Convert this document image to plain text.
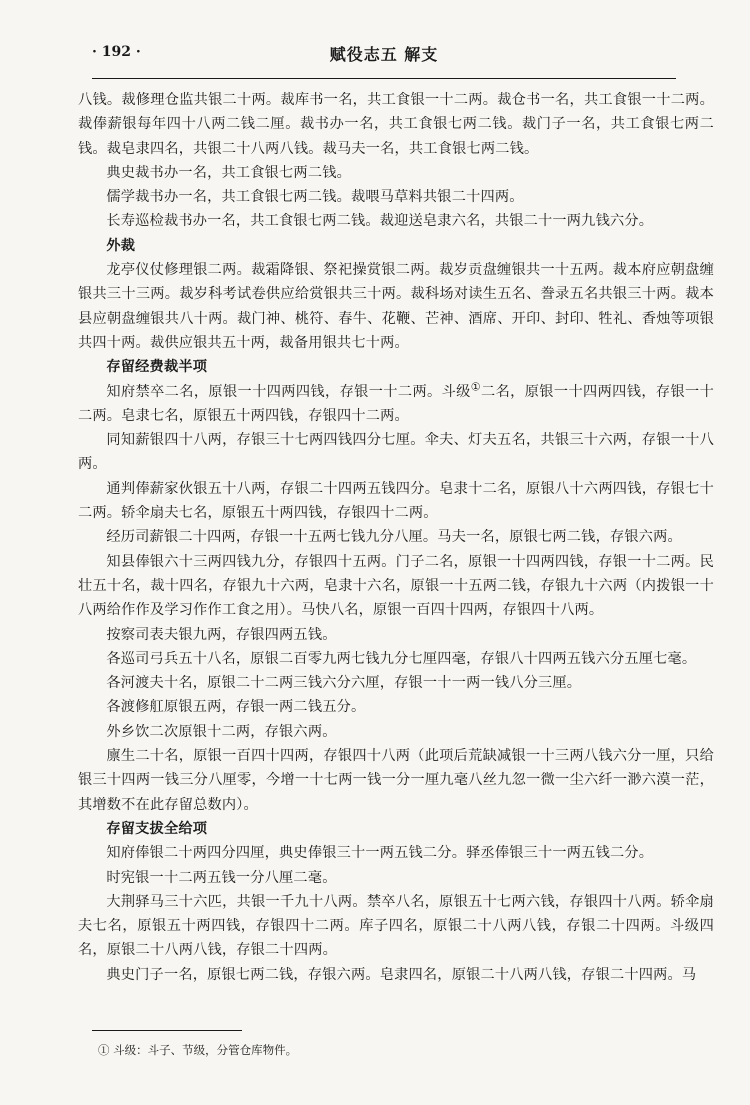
· 192 ·	赋役志五 解支

八钱。裁修理仓监共银二十两。裁库书一名，共工食银一十二两。裁仓书一名，共工食银一十二两。裁俸薪银每年四十八两二钱二厘。裁书办一名，共工食银七两二钱。裁门子一名，共工食银七两二钱。裁皂隶四名，共银二十八两八钱。裁马夫一名，共工食银七两二钱。

典史裁书办一名，共工食银七两二钱。

儒学裁书办一名，共工食银七两二钱。裁喂马草料共银二十四两。

长寿巡检裁书办一名，共工食银七两二钱。裁迎送皂隶六名，共银二十一两九钱六分。

外裁

龙亭仪仗修理银二两。裁霜降银、祭祀操赏银二两。裁岁贡盘缠银共一十五两。裁本府应朝盘缠银共三十三两。裁岁科考试卷供应给赏银共三十两。裁科场对读生五名、誊录五名共银三十两。裁本县应朝盘缠银共八十两。裁门神、桃符、春牛、花鞭、芒神、酒席、开印、封印、牲礼、香烛等项银共四十两。裁供应银共五十两，裁备用银共七十两。

存留经费裁半项

知府禁卒二名，原银一十四两四钱，存银一十二两。斗级①二名，原银一十四两四钱，存银一十二两。皂隶七名，原银五十两四钱，存银四十二两。

同知薪银四十八两，存银三十七两四钱四分七厘。伞夫、灯夫五名，共银三十六两，存银一十八两。

通判俸薪家伙银五十八两，存银二十四两五钱四分。皂隶十二名，原银八十六两四钱，存银七十二两。轿伞扇夫七名，原银五十两四钱，存银四十二两。

经历司薪银二十四两，存银一十五两七钱九分八厘。马夫一名，原银七两二钱，存银六两。

知县俸银六十三两四钱九分，存银四十五两。门子二名，原银一十四两四钱，存银一十二两。民壮五十名，裁十四名，存银九十六两，皂隶十六名，原银一十五两二钱，存银九十六两（内拨银一十八两给作作及学习作作工食之用）。马快八名，原银一百四十四两，存银四十八两。

按察司表夫银九两，存银四两五钱。

各巡司弓兵五十八名，原银二百零九两七钱九分七厘四毫，存银八十四两五钱六分五厘七毫。

各河渡夫十名，原银二十二两三钱六分六厘，存银一十一两一钱八分三厘。

各渡修舡原银五两，存银一两二钱五分。

外乡饮二次原银十二两，存银六两。

廪生二十名，原银一百四十四两，存银四十八两（此项后荒缺减银一十三两八钱六分一厘，只给银三十四两一钱三分八厘零，今增一十七两一钱一分一厘九毫八丝九忽一微一尘六纤一渺六漠一茫，其增数不在此存留总数内）。

存留支拔全给项

知府俸银二十两四分四厘，典史俸银三十一两五钱二分。驿丞俸银三十一两五钱二分。

时宪银一十二两五钱一分八厘二毫。

大荆驿马三十六匹，共银一千九十八两。禁卒八名，原银五十七两六钱，存银四十八两。轿伞扇夫七名，原银五十两四钱，存银四十二两。库子四名，原银二十八两八钱，存银二十四两。斗级四名，原银二十八两八钱，存银二十四两。

典史门子一名，原银七两二钱，存银六两。皂隶四名，原银二十八两八钱，存银二十四两。马

① 斗级：斗子、节级，分管仓库物件。
